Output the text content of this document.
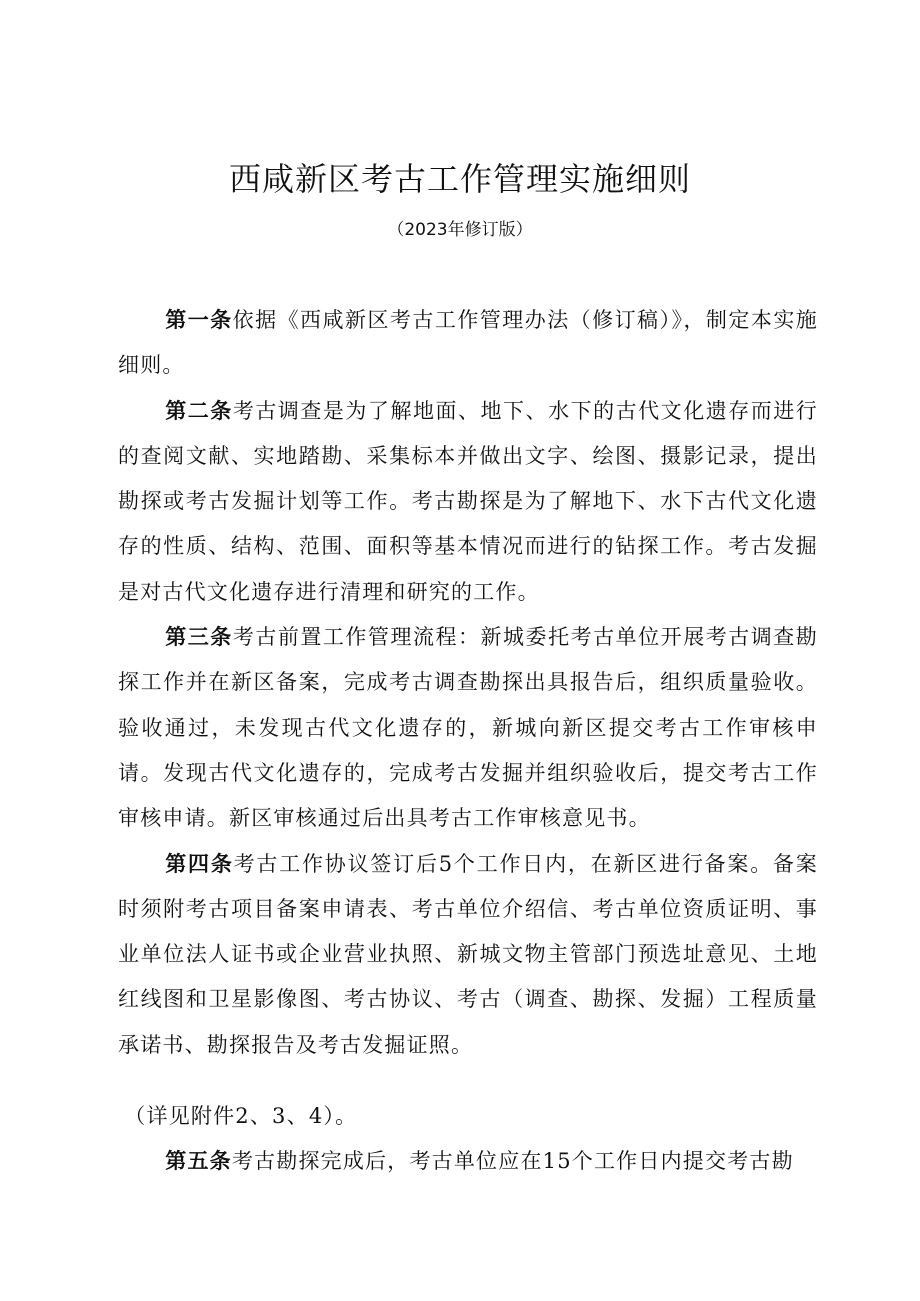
西咸新区考古工作管理实施细则
（2023年修订版）

第一条依据《西咸新区考古工作管理办法（修订稿）》，制定本实施细则。

第二条考古调查是为了解地面、地下、水下的古代文化遗存而进行的查阅文献、实地踏勘、采集标本并做出文字、绘图、摄影记录，提出勘探或考古发掘计划等工作。考古勘探是为了解地下、水下古代文化遗存的性质、结构、范围、面积等基本情况而进行的钻探工作。考古发掘是对古代文化遗存进行清理和研究的工作。

第三条考古前置工作管理流程：新城委托考古单位开展考古调查勘探工作并在新区备案，完成考古调查勘探出具报告后，组织质量验收。验收通过，未发现古代文化遗存的，新城向新区提交考古工作审核申请。发现古代文化遗存的，完成考古发掘并组织验收后，提交考古工作审核申请。新区审核通过后出具考古工作审核意见书。

第四条考古工作协议签订后5个工作日内，在新区进行备案。备案时须附考古项目备案申请表、考古单位介绍信、考古单位资质证明、事业单位法人证书或企业营业执照、新城文物主管部门预选址意见、土地红线图和卫星影像图、考古协议、考古（调查、勘探、发掘）工程质量承诺书、勘探报告及考古发掘证照。

（详见附件2、3、4）。

第五条考古勘探完成后，考古单位应在15个工作日内提交考古勘
